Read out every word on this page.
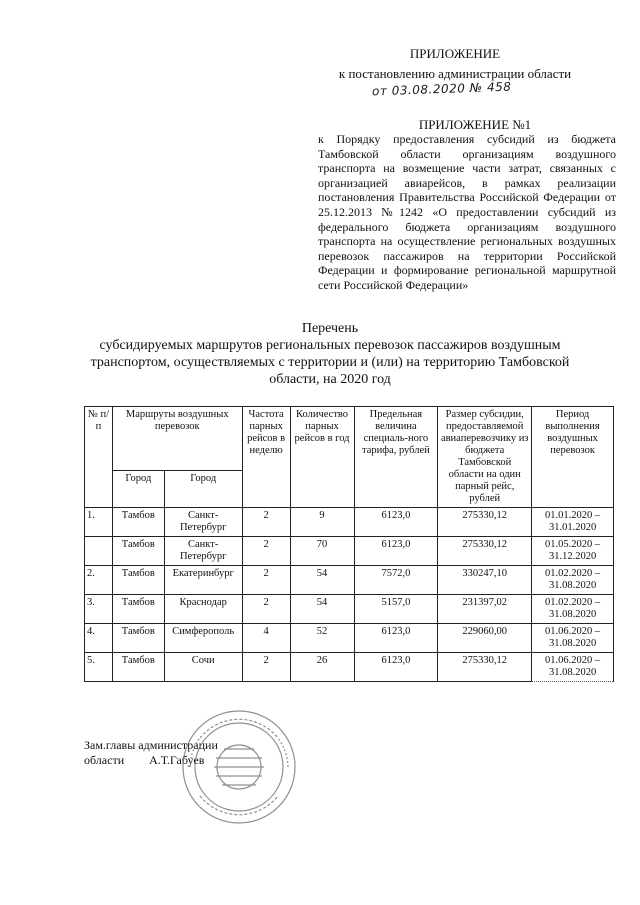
ПРИЛОЖЕНИЕ
к постановлению администрации области
от 03.08.2020 № 458
ПРИЛОЖЕНИЕ №1
к Порядку предоставления субсидий из бюджета Тамбовской области организациям воздушного транспорта на возмещение части затрат, связанных с организацией авиарейсов, в рамках реализации постановления Правительства Российской Федерации от 25.12.2013 №1242 «О предоставлении субсидий из федерального бюджета организациям воздушного транспорта на осуществление региональных воздушных перевозок пассажиров на территории Российской Федерации и формирование региональной маршрутной сети Российской Федерации»
Перечень
субсидируемых маршрутов региональных перевозок пассажиров воздушным транспортом, осуществляемых с территории и (или) на территорию Тамбовской области, на 2020 год
№ п/п	Маршруты воздушных перевозок		Частота парных рейсов в неделю	Количество парных рейсов в год	Предельная величина специаль-ного тарифа, рублей	Размер субсидии, предоставляемой авиаперевозчику из бюджета Тамбовской области на один парный рейс, рублей	Период выполнения воздушных перевозок
	Город	Город					
1.	Тамбов	Санкт-Петербург	2	9	6123,0	275330,12	01.01.2020 – 31.01.2020
	Тамбов	Санкт-Петербург	2	70	6123,0	275330,12	01.05.2020 – 31.12.2020
2.	Тамбов	Екатеринбург	2	54	7572,0	330247,10	01.02.2020 – 31.08.2020
3.	Тамбов	Краснодар	2	54	5157,0	231397,02	01.02.2020 – 31.08.2020
4.	Тамбов	Симферополь	4	52	6123,0	229060,00	01.06.2020 – 31.08.2020
5.	Тамбов	Сочи	2	26	6123,0	275330,12	01.06.2020 – 31.08.2020
Зам.главы администрации
области А.Т.Габуев
